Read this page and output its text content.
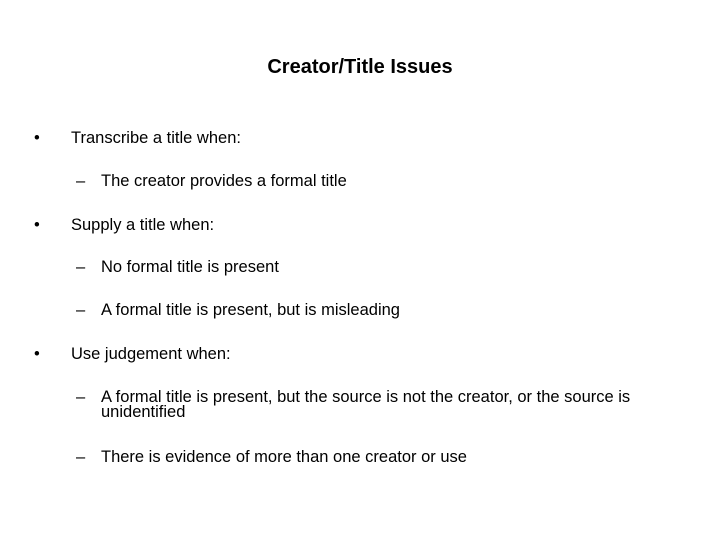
Creator/Title Issues
• Transcribe a title when:
– The creator provides a formal title
• Supply a title when:
– No formal title is present
– A formal title is present, but is misleading
• Use judgement when:
– A formal title is present, but the source is not the creator, or the source is unidentified
– There is evidence of more than one creator or use
